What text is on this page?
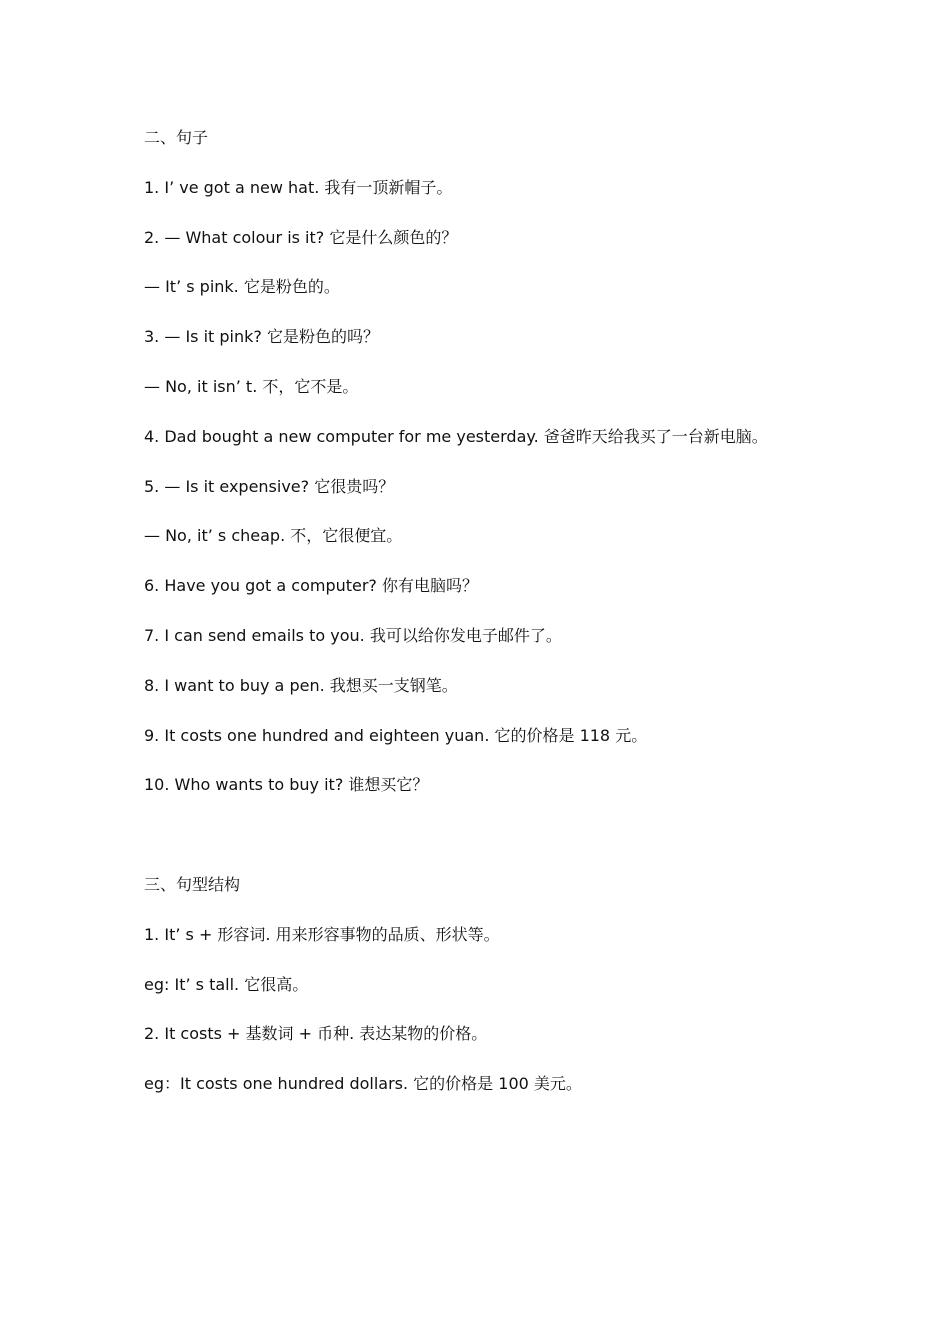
二、句子
1. I’ ve got a new hat. 我有一顶新帽子。
2. — What colour is it? 它是什么颜色的？
— It’ s pink. 它是粉色的。
3. — Is it pink? 它是粉色的吗？
— No, it isn’ t. 不，它不是。
4. Dad bought a new computer for me yesterday. 爸爸昨天给我买了一台新电脑。
5. — Is it expensive? 它很贵吗？
— No, it’ s cheap. 不，它很便宜。
6. Have you got a computer? 你有电脑吗？
7. I can send emails to you. 我可以给你发电子邮件了。
8. I want to buy a pen. 我想买一支钢笔。
9. It costs one hundred and eighteen yuan. 它的价格是 118 元。
10. Who wants to buy it? 谁想买它？
三、句型结构
1. It’ s + 形容词. 用来形容事物的品质、形状等。
eg: It’ s tall. 它很高。
2. It costs + 基数词 + 币种. 表达某物的价格。
eg：It costs one hundred dollars. 它的价格是 100 美元。
